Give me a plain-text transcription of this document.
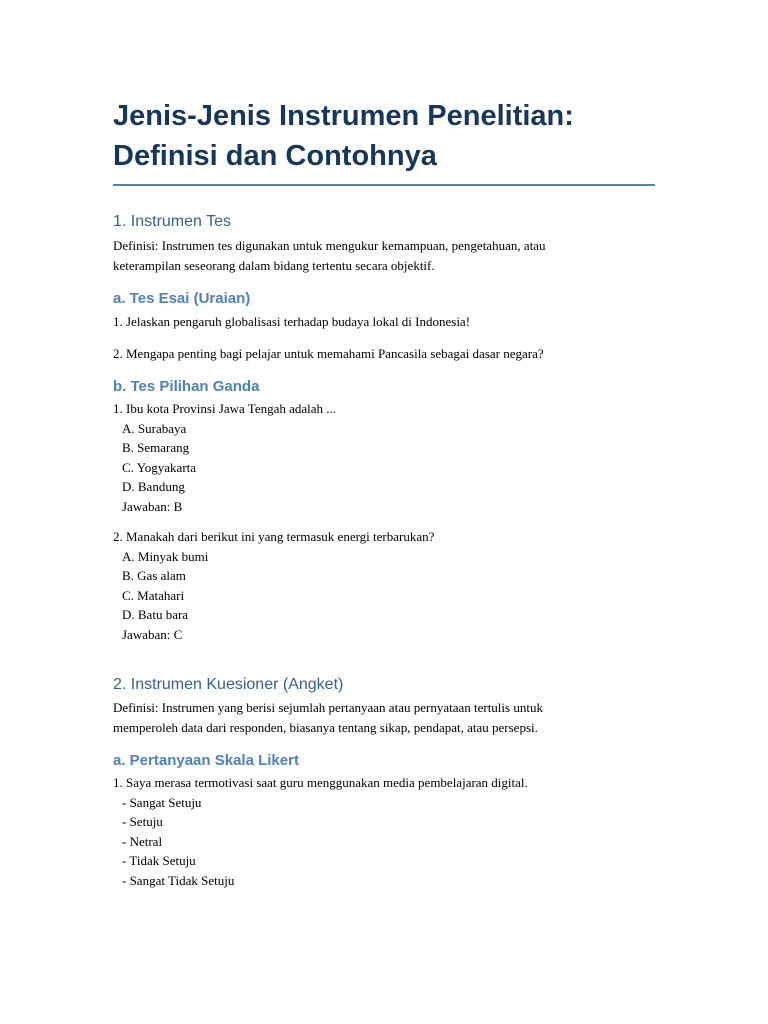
Jenis-Jenis Instrumen Penelitian:
Definisi dan Contohnya
1. Instrumen Tes

Definisi: Instrumen tes digunakan untuk mengukur kemampuan, pengetahuan, atau

keterampilan seseorang dalam bidang tertentu secara objektif.

a. Tes Esai (Uraian)

1. Jelaskan pengaruh globalisasi terhadap budaya lokal di Indonesia!

2. Mengapa penting bagi pelajar untuk memahami Pancasila sebagai dasar negara?

b. Tes Pilihan Ganda

1. Ibu kota Provinsi Jawa Tengah adalah ...

A. Surabaya

B. Semarang

C. Yogyakarta

D. Bandung

Jawaban: B

2. Manakah dari berikut ini yang termasuk energi terbarukan?

A. Minyak bumi

B. Gas alam

C. Matahari

D. Batu bara

Jawaban: C

2. Instrumen Kuesioner (Angket)

Definisi: Instrumen yang berisi sejumlah pertanyaan atau pernyataan tertulis untuk

memperoleh data dari responden, biasanya tentang sikap, pendapat, atau persepsi.

a. Pertanyaan Skala Likert

1. Saya merasa termotivasi saat guru menggunakan media pembelajaran digital.

- Sangat Setuju

- Setuju

- Netral

- Tidak Setuju

- Sangat Tidak Setuju
